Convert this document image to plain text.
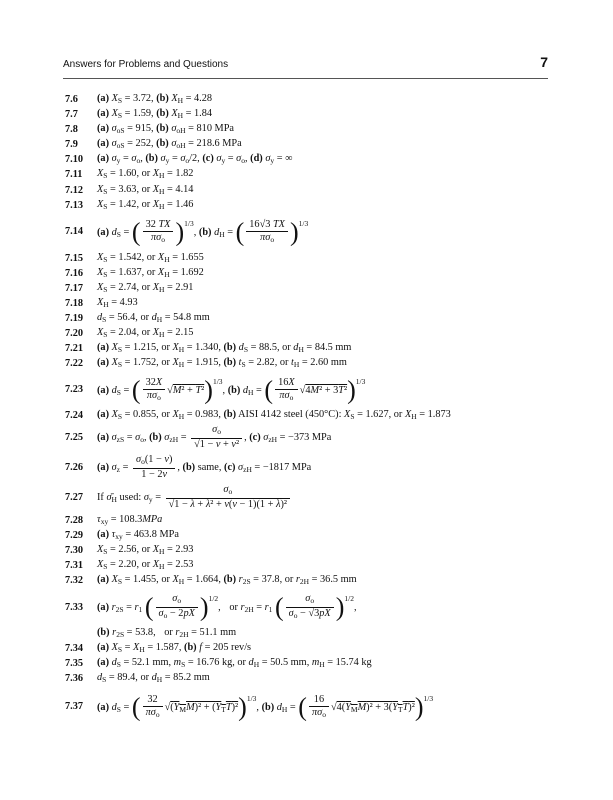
Answers for Problems and Questions	7
7.6	(a) $X_S = 3.72$, (b) $X_H = 4.28$
7.7	(a) $X_S = 1.59$, (b) $X_H = 1.84$
7.8	(a) $\sigma_{oS} = 915$, (b) $\sigma_{oH} = 810$ MPa
7.9	(a) $\sigma_{oS} = 252$, (b) $\sigma_{oH} = 218.6$ MPa
7.10	(a) $\sigma_y = \sigma_o$, (b) $\sigma_y = \sigma_o/2$, (c) $\sigma_y = \sigma_o$, (d) $\sigma_y$ = ∞
7.11	$X_S = 1.60$, or $X_H = 1.82$
7.12	$X_S = 3.63$, or $X_H = 4.14$
7.13	$X_S = 1.42$, or $X_H = 1.46$
7.14	(a) $d_S$ = ( $\frac{32 TX}{\pi\sigma_o} )^{1/3}$, (b) $d_H$ = ( $\frac{16√3 TX}{\pi\sigma_o} )^{1/3}$
7.15	$X_S = 1.542$, or $X_H = 1.655$
7.16	$X_S = 1.637$, or $X_H = 1.692$
7.17	$X_S = 2.74$, or $X_H = 2.91$
7.18	$X_H = 4.93$
7.19	$d_S = 56.4$, or $d_H = 54.8$ mm
7.20	$X_S = 2.04$, or $X_H = 2.15$
7.21	(a) $X_S = 1.215$, or $X_H = 1.340$, (b) $d_S = 88.5$, or $d_H = 84.5$ mm
7.22	(a) $X_S = 1.752$, or $X_H = 1.915$, (b) $t_S = 2.82$, or $t_H = 2.60$ mm
7.23	(a) $d_S$ = ( $\frac{32X}{\pi\sigma_o} √M^2 + T^2)^{1/3}$, (b) $d_H$ = ( $\frac{16X}{\pi\sigma_o} √4M^2 + 3T^2)^{1/3}$
7.24	(a) $X_S = 0.855$, or $X_H = 0.983$, (b) AISI 4142 steel (450°C): $X_S = 1.627$, or $X_H = 1.873$
7.25	(a) $\sigma_{zS} = \sigma_o$, (b) $\sigma_{zH} = \frac{\sigma_o}{\text{√1 − ν + ν²}}$ , (c) $\sigma_{zH} = -373$ MPa
7.26	(a) $\sigma_z = \frac{\sigma_o(1 - \nu)}{1 - 2\nu}$ , (b) same, (c) $\sigma_{zH} = -1817$ MPa
7.27	If $\sigmā_H$ used: $\sigma_y = \frac{\sigma_o}{\text{√1 − λ + λ² + ν(ν − 1)(1 + λ)²}}$
7.28	$\tau_{xy} = 108.3MPa$
7.29	(a) $\tau_{xy} = 463.8$ MPa
7.30	$X_S = 2.56$, or $X_H = 2.93$
7.31	$X_S = 2.20$, or $X_H = 2.53$
7.32	(a) $X_S = 1.455$, or $X_H = 1.664$, (b) $r_{2S} = 37.8$, or $r_{2H} = 36.5$ mm
7.33	(a) $r_{2S} = r_1$ ( $\frac{\sigma_o}{\sigma_o - 2pX} )^{1/2}$, or $r_{2H} = r_1$ ( $\frac{\sigma_o}{\sigma_o - √3pX} )^{1/2}$,
(b) $r_{2S} = 53.8$, or $r_{2H} = 51.1$ mm
7.34	(a) $X_S = X_H = 1.587$, (b) f = 205 rev/s
7.35	(a) $d_S = 52.1$ mm, $m_S = 16.76$ kg, or $d_H = 50.5$ mm, $m_H = 15.74$ kg
7.36	$d_S = 89.4$, or $d_H = 85.2$ mm
7.37	(a) $d_S$ = ( $\frac{32}{\pi\sigma_o} √(Y_MM)^2 + (Y_TT)^2)^{1/3}$, (b) $d_H$ = ( $\frac{16}{\pi\sigma_o} √4(Y_MM)^2 + 3(Y_TT)^2)^{1/3}$
